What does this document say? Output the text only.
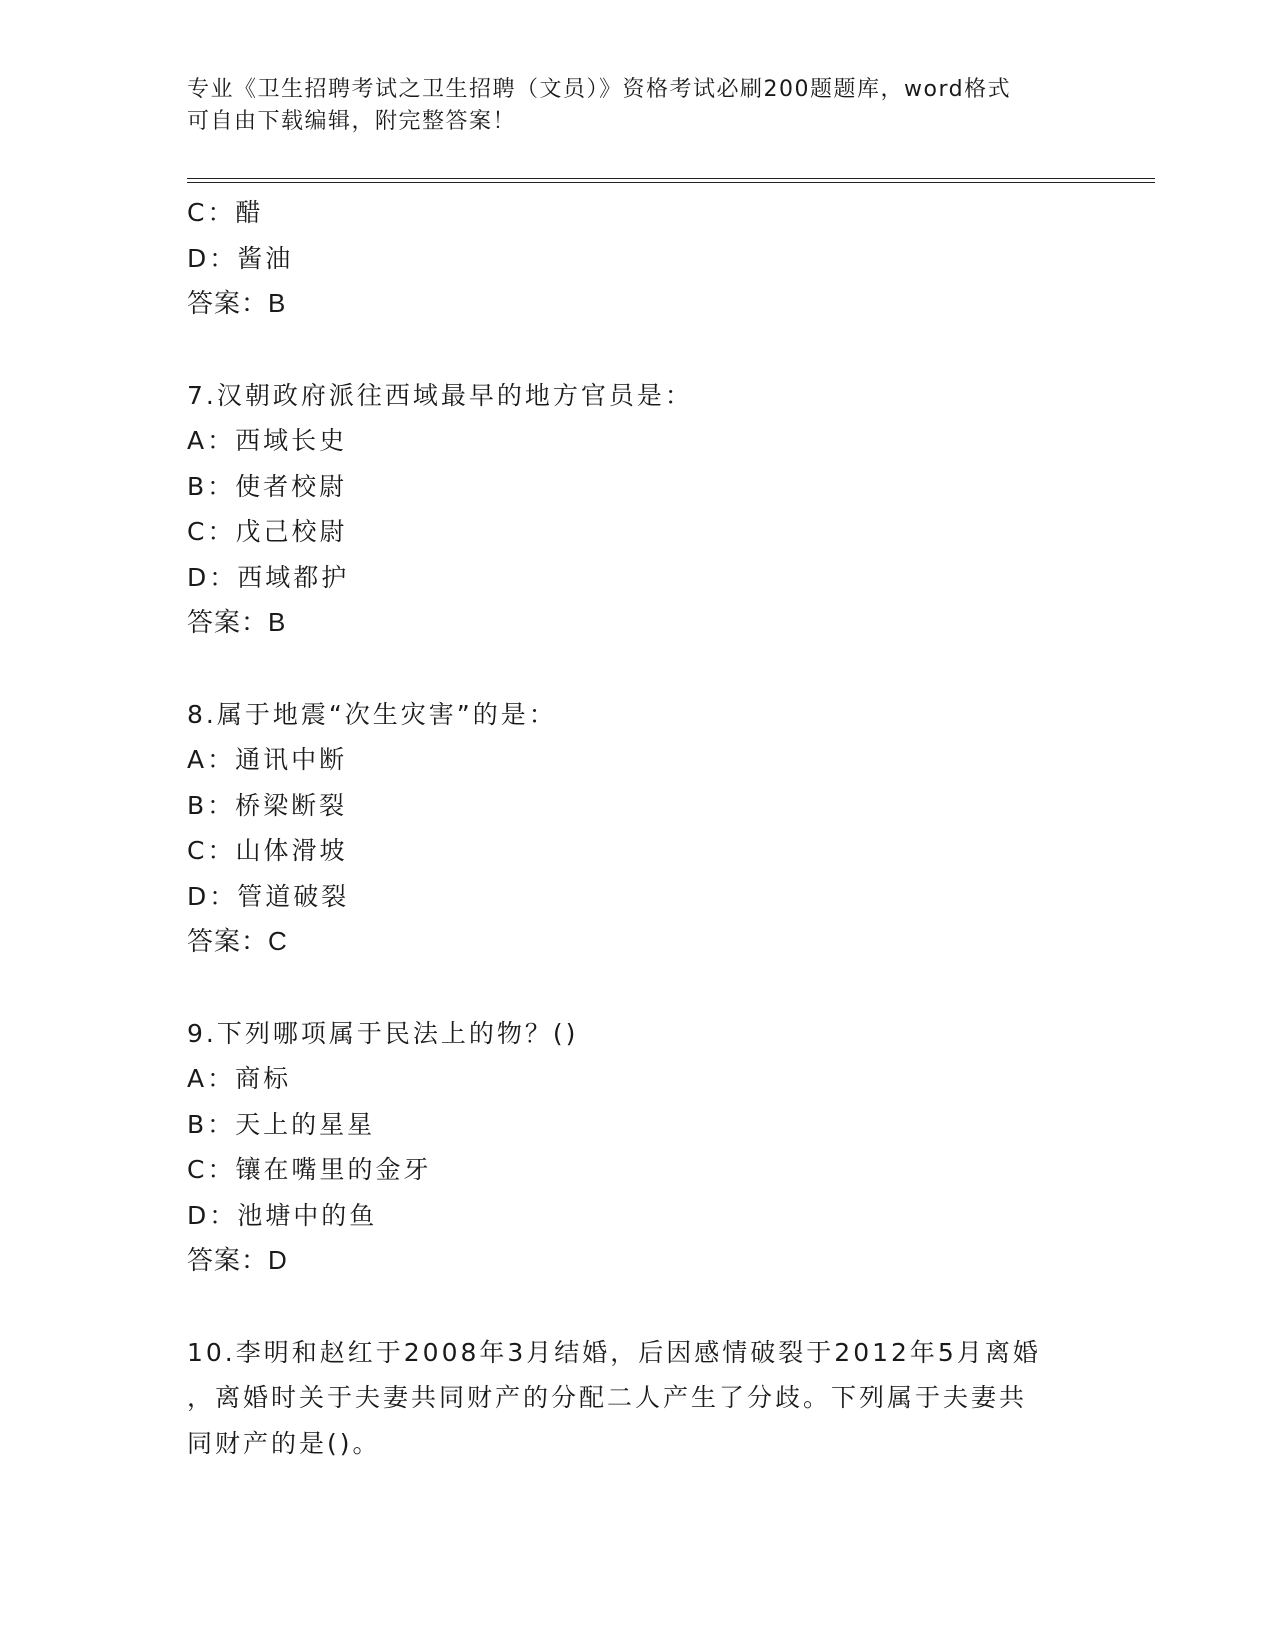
专业《卫生招聘考试之卫生招聘（文员）》资格考试必刷200题题库，word格式
可自由下载编辑，附完整答案！
C：醋
D：酱油
答案：B
7.汉朝政府派往西域最早的地方官员是：
A：西域长史
B：使者校尉
C：戊己校尉
D：西域都护
答案：B
8.属于地震“次生灾害”的是：
A：通讯中断
B：桥梁断裂
C：山体滑坡
D：管道破裂
答案：C
9.下列哪项属于民法上的物？()
A：商标
B：天上的星星
C：镶在嘴里的金牙
D：池塘中的鱼
答案：D
10.李明和赵红于2008年3月结婚，后因感情破裂于2012年5月离婚
，离婚时关于夫妻共同财产的分配二人产生了分歧。下列属于夫妻共
同财产的是()。
